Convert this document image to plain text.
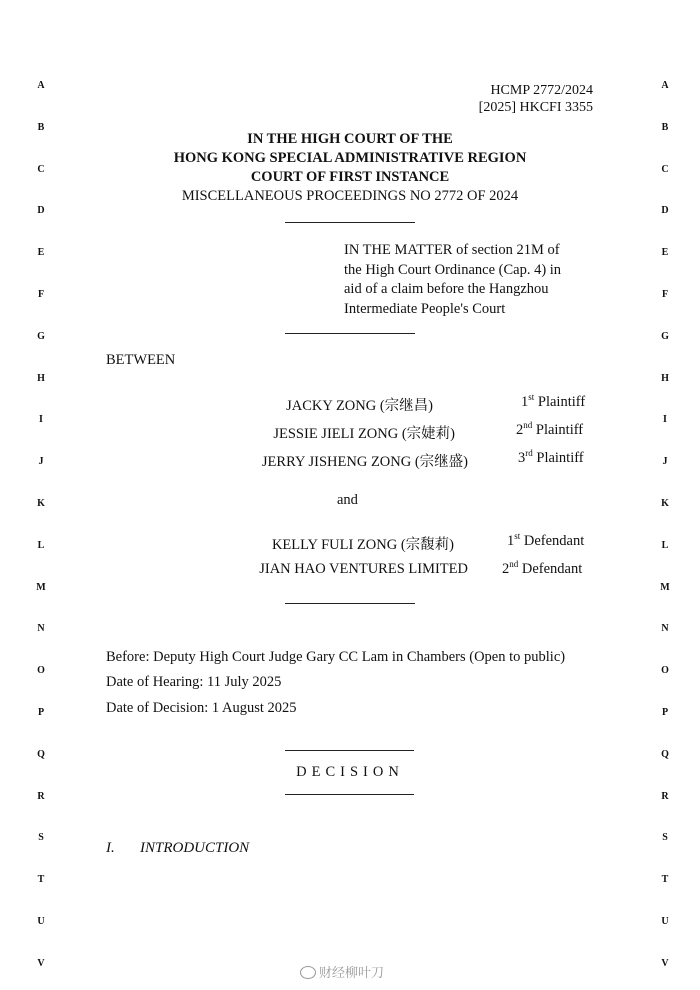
A
B
C
D
E
F
G
H
I
J
K
L
M
N
O
P
Q
R
S
T
U
V
A
B
C
D
E
F
G
H
I
J
K
L
M
N
O
P
Q
R
S
T
U
V
HCMP 2772/2024
[2025] HKCFI 3355
IN THE HIGH COURT OF THE
HONG KONG SPECIAL ADMINISTRATIVE REGION
COURT OF FIRST INSTANCE
MISCELLANEOUS PROCEEDINGS NO 2772 OF 2024
IN THE MATTER of section 21M of
the High Court Ordinance (Cap. 4) in
aid of a claim before the Hangzhou
Intermediate People's Court
BETWEEN
JACKY ZONG (宗继昌)	1st Plaintiff
JESSIE JIELI ZONG (宗婕莉)	2nd Plaintiff
JERRY JISHENG ZONG (宗继盛)	3rd Plaintiff
and
KELLY FULI ZONG (宗馥莉)	1st Defendant
JIAN HAO VENTURES LIMITED 2nd Defendant
Before: Deputy High Court Judge Gary CC Lam in Chambers (Open to public)
Date of Hearing: 11 July 2025
Date of Decision: 1 August 2025
DECISION
I. INTRODUCTION
财经柳叶刀
